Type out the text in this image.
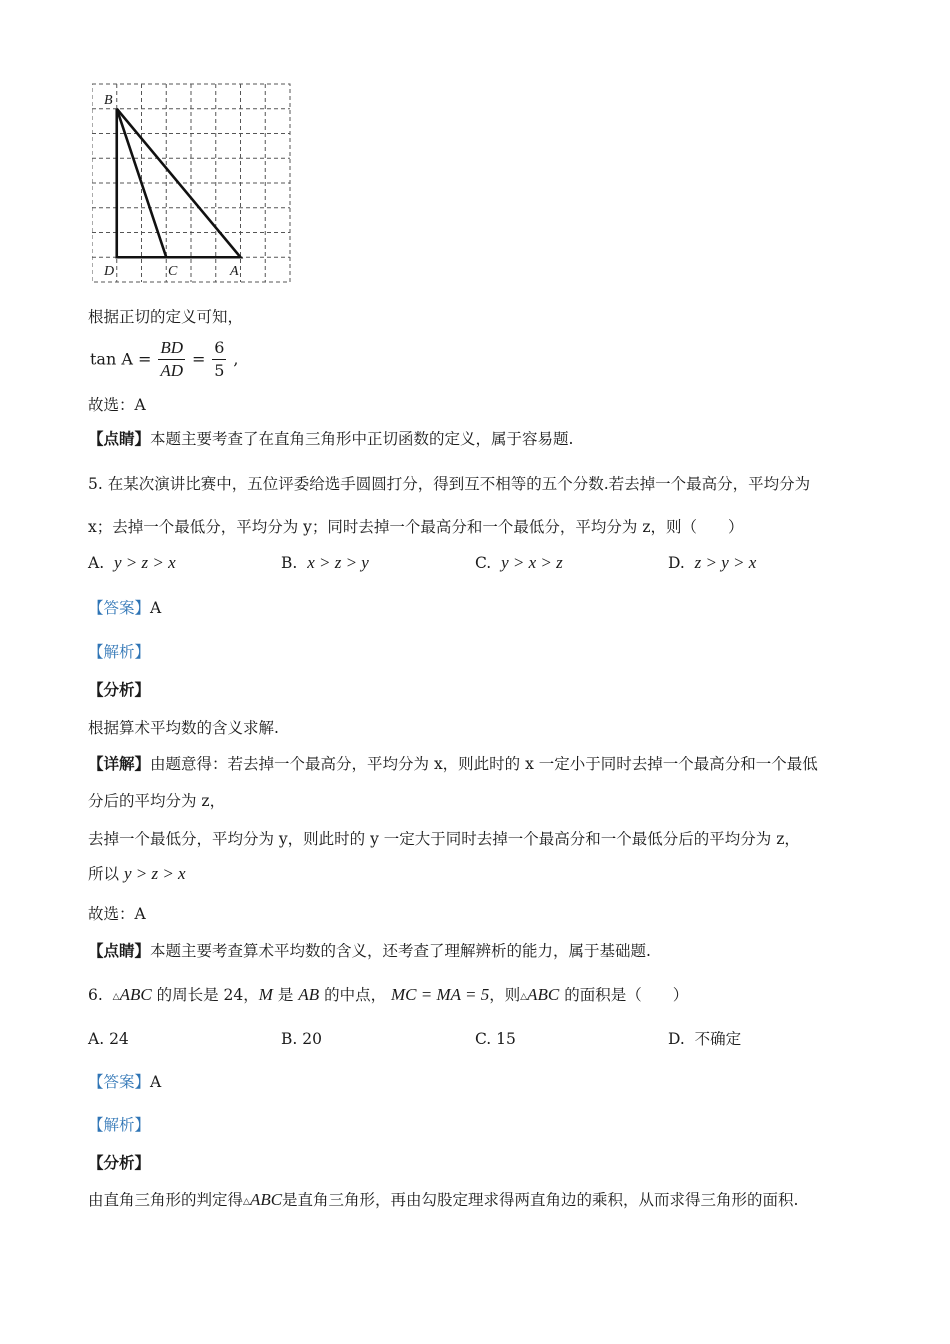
B
D	C	A
根据正切的定义可知，
$\tan A = \frac{BD}{AD} = \frac{6}{5}$ ,
故选：A
【点睛】本题主要考查了在直角三角形中正切函数的定义，属于容易题.
5. 在某次演讲比赛中，五位评委给选手圆圆打分，得到互不相等的五个分数.若去掉一个最高分，平均分为
x；去掉一个最低分，平均分为 y；同时去掉一个最高分和一个最低分，平均分为 z，则（　　）
A. y > z > x	B. x > z > y	C. y > x > z	D. z > y > x
【答案】A
【解析】
【分析】
根据算术平均数的含义求解.
【详解】由题意得：若去掉一个最高分，平均分为 x，则此时的 x 一定小于同时去掉一个最高分和一个最低
分后的平均分为 z，
去掉一个最低分，平均分为 y，则此时的 y 一定大于同时去掉一个最高分和一个最低分后的平均分为 z，
所以 y > z > x
故选：A
【点睛】本题主要考查算术平均数的含义，还考查了理解辨析的能力，属于基础题.
6. △ABC 的周长是 24，M 是 AB 的中点， MC = MA = 5，则△ABC 的面积是（　　）
A. 24	B. 20	C. 15	D. 不确定
【答案】A
【解析】
【分析】
由直角三角形的判定得△ABC是直角三角形，再由勾股定理求得两直角边的乘积，从而求得三角形的面积.
